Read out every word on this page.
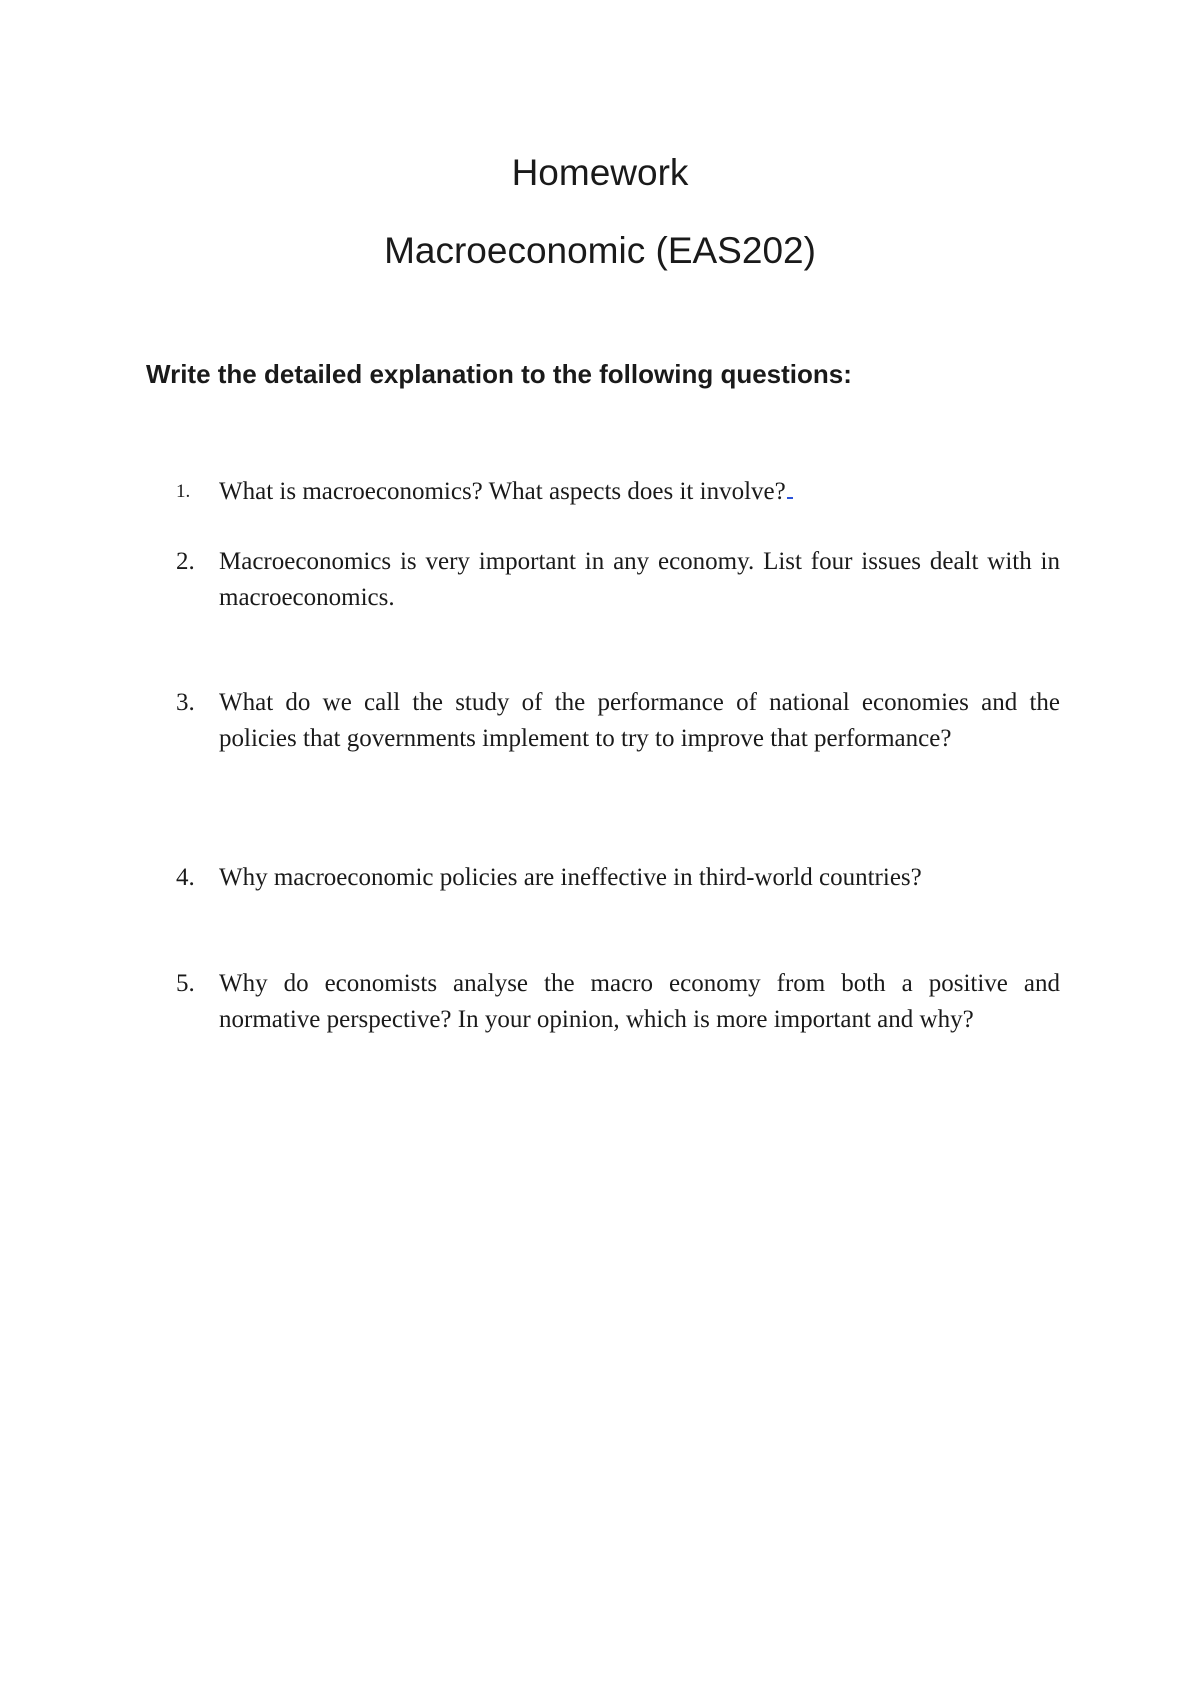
Homework
Macroeconomic (EAS202)
Write the detailed explanation to the following questions:
1.	What is macroeconomics? What aspects does it involve?
2. Macroeconomics is very important in any economy. List four issues dealt with in macroeconomics.
3. What do we call the study of the performance of national economies and the policies that governments implement to try to improve that performance?
4. Why macroeconomic policies are ineffective in third-world countries?
5. Why do economists analyse the macro economy from both a positive and normative perspective? In your opinion, which is more important and why?
